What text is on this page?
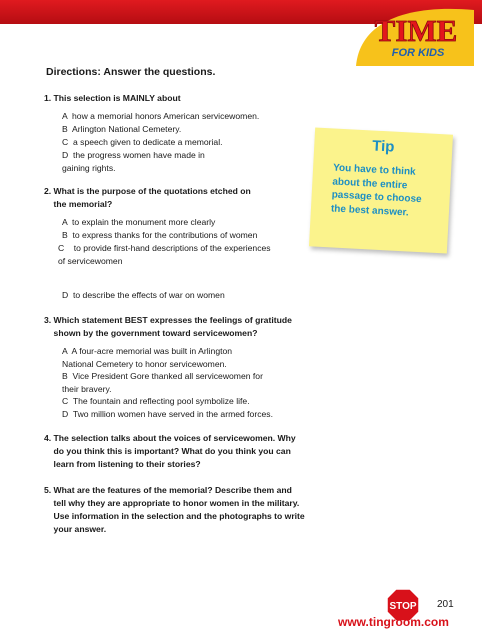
TIME
FOR KIDS
Directions: Answer the questions.
1. This selection is MAINLY about
A  how a memorial honors American servicewomen.
B  Arlington National Cemetery.
C  a speech given to dedicate a memorial.
D  the progress women have made in
gaining rights.
2. What is the purpose of the quotations etched on
the memorial?
A  to explain the monument more clearly
B  to express thanks for the contributions of women
C    to provide first-hand descriptions of the experiences
of servicewomen
D  to describe the effects of war on women
3. Which statement BEST expresses the feelings of gratitude
shown by the government toward servicewomen?
A  A four-acre memorial was built in Arlington
National Cemetery to honor servicewomen.
B  Vice President Gore thanked all servicewomen for
their bravery.
C  The fountain and reflecting pool symbolize life.
D  Two million women have served in the armed forces.
4. The selection talks about the voices of servicewomen. Why
do you think this is important? What do you think you can
learn from listening to their stories?
5. What are the features of the memorial? Describe them and
tell why they are appropriate to honor women in the military.
Use information in the selection and the photographs to write
your answer.
Tip
You have to think
about the entire
passage to choose
the best answer.
STOP 201
www.tingroom.com
